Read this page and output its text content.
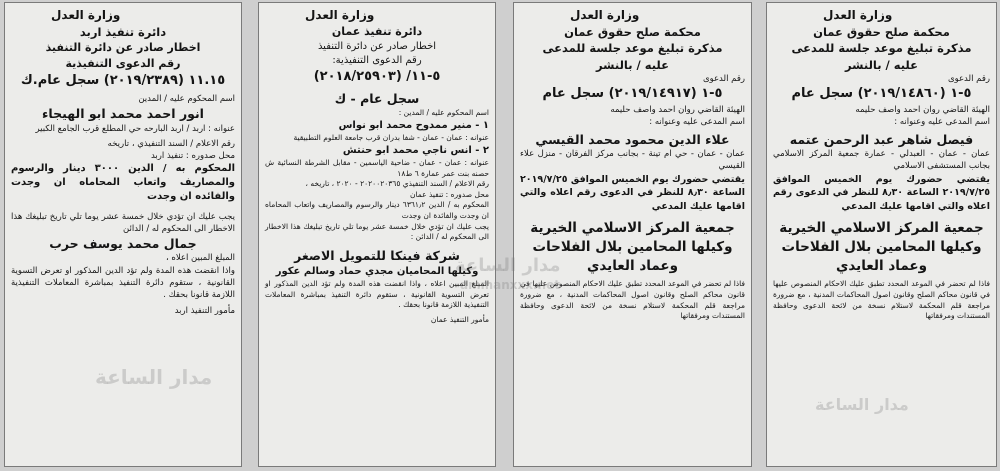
وزارة العدل

دائرة تنفيذ اربد

اخطار صادر عن دائرة التنفيذ

رقم الدعوى التنفيذية

١١.١٥ (٢٠١٩/٢٣٨٩) سجل عام.ك

اسم المحكوم عليه / المدين

انور احمد محمد ابو الهيجاء

عنوانه : اربد / اربد البارحه حي المطلع قرب الجامع الكبير

رقم الاعلام / السند التنفيذي ، تاريخه

محل صدوره : تنفيذ اربد

المحكوم به / الدين ٣٠٠٠ دينار والرسوم والمصاريف واتعاب المحاماه ان وجدت والفائده ان وجدت

يجب عليك ان تؤدي خلال خمسة عشر يوما تلي تاريخ تبليغك هذا الاخطار الى المحكوم له / الدائن

جمال محمد يوسف حرب

المبلغ المبين اعلاه ،

واذا انقضت هذه المدة ولم تؤد الدين المذكور او تعرض التسوية القانونية ، ستقوم دائرة التنفيذ بمباشرة المعاملات التنفيذية اللازمة قانونا بحقك .

مأمور التنفيذ اربد

وزارة العدل

دائرة تنفيذ عمان

اخطار صادر عن دائرة التنفيذ

رقم الدعوى التنفيذية:

٥-١١/ (٢٠١٨/٢٥٩٠٣)

سجل عام - ك

اسم المحكوم عليه / المدين :

١ - منير ممدوح محمد ابو نواس

عنوانه : عمان - عمان - شفا بدران قرب جامعة العلوم التطبيقية

٢ - انس ناجي محمد ابو حنتش

عنوانه : عمان - عمان - ضاحية الياسمين - مقابل الشرطة النسائية ش حصنه بنت عمر عمارة ٦ ط١٨

رقم الاعلام / السند التنفيذي ٢٠٢٠٠٢٠٣٦٥ - ٢٠٢٠ ، تاريخه ،

محل صدوره : تنفيذ عمان

المحكوم به / الدين ٦٣٦١٫٢ دينار والرسوم والمصاريف واتعاب المحاماه ان وجدت والفائدة ان وجدت

يجب عليك ان تؤدي خلال خمسة عشر يوما تلي تاريخ تبليغك هذا الاخطار الى المحكوم له / الدائن :

شركة فينكا للتمويل الاصغر

وكيلها المحاميان مجدي حماد وسالم عكور

المبلغ المبين اعلاه ، واذا انقضت هذه المدة ولم تؤد الدين المذكور او تعرض التسوية القانونية ، ستقوم دائرة التنفيذ بمباشرة المعاملات التنفيذية اللازمة قانونا بحقك .

مأمور التنفيذ عمان

وزارة العدل

محكمة صلح حقوق عمان

مذكرة تبليغ موعد جلسة للمدعى

عليه / بالنشر

رقم الدعوى

٥-١ (٢٠١٩/١٤٩١٧) سجل عام

الهيئة القاضي روان احمد واصف حليمه

اسم المدعى عليه وعنوانه :

علاء الدين محمود محمد القيسي

عمان - عمان - حي ام تينة - بجانب مركز الفرقان - منزل علاء القيسي

يقتضي حضورك يوم الخميس الموافق ٢٠١٩/٧/٢٥ الساعة ٨٫٣٠ للنظر في الدعوى رقم اعلاه والتي اقامها عليك المدعي

جمعية المركز الاسلامي الخيرية

وكيلها المحامين بلال الفلاحات

وعماد العايدي

فاذا لم تحضر في الموعد المحدد تطبق عليك الاحكام المنصوص عليها في قانون محاكم الصلح وقانون اصول المحاكمات المدنية ، مع ضرورة مراجعة قلم المحكمة لاستلام نسخة من لائحة الدعوى وحافظة المستندات ومرفقاتها

وزارة العدل

محكمة صلح حقوق عمان

مذكرة تبليغ موعد جلسة للمدعى

عليه / بالنشر

رقم الدعوى

٥-١ (٢٠١٩/١٤٨٦٠) سجل عام

الهيئة القاضي روان احمد واصف حليمه

اسم المدعى عليه وعنوانه :

فيصل شاهر عبد الرحمن عتمه

عمان - عمان - العبدلي - عمارة جمعية المركز الاسلامي بجانب المستشفى الاسلامي

يقتضي حضورك يوم الخميس الموافق ٢٠١٩/٧/٢٥ الساعة ٨٫٣٠ للنظر في الدعوى رقم اعلاه والتي اقامها عليك المدعي

جمعية المركز الاسلامي الخيرية

وكيلها المحامين بلال الفلاحات

وعماد العايدي

فاذا لم تحضر في الموعد المحدد تطبق عليك الاحكام المنصوص عليها في قانون محاكم الصلح وقانون اصول المحاكمات المدنية ، مع ضرورة مراجعة قلم المحكمة لاستلام نسخة من لائحة الدعوى وحافظة المستندات ومرفقاتها

مدار الساعة
ammanxxx.net
مدار الساعة
مدار الساعة
